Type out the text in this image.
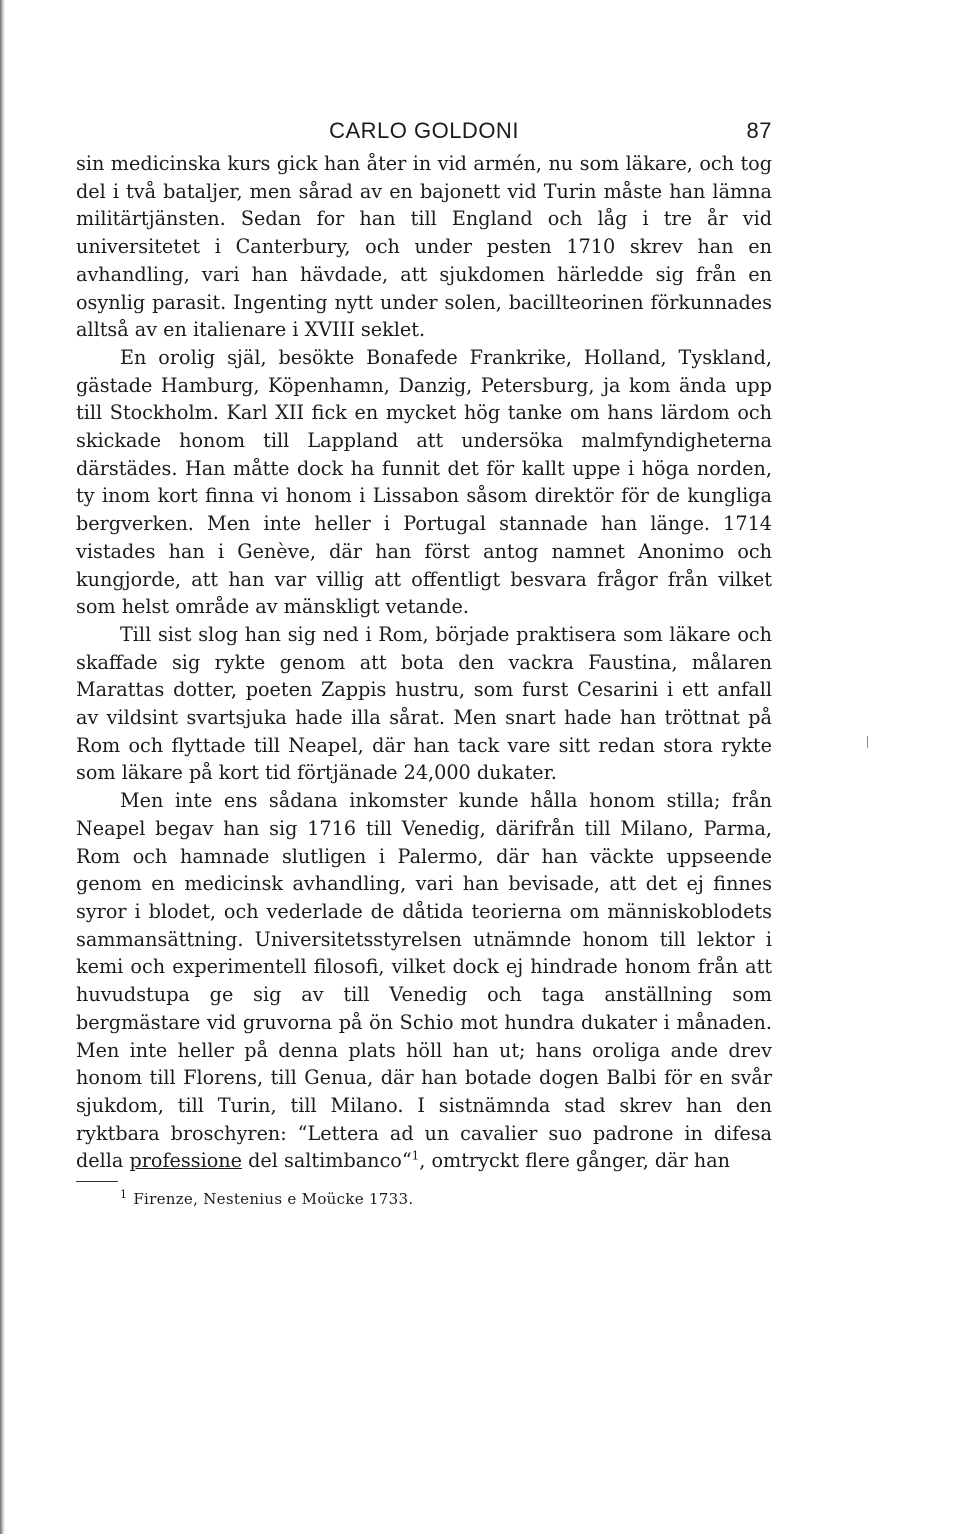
CARLO GOLDONI	87

sin medicinska kurs gick han åter in vid armén, nu som läkare, och tog del i två bataljer, men sårad av en bajonett vid Turin måste han lämna militärtjänsten. Sedan for han till England och låg i tre år vid universitetet i Canterbury, och under pesten 1710 skrev han en avhandling, vari han hävdade, att sjukdomen härledde sig från en osynlig parasit. Ingenting nytt under solen, bacillteorinen förkunnades alltså av en italienare i XVIII seklet.

En orolig själ, besökte Bonafede Frankrike, Holland, Tyskland, gästade Hamburg, Köpenhamn, Danzig, Petersburg, ja kom ända upp till Stockholm. Karl XII fick en mycket hög tanke om hans lärdom och skickade honom till Lappland att undersöka malmfyndigheterna därstädes. Han måtte dock ha funnit det för kallt uppe i höga norden, ty inom kort finna vi honom i Lissabon såsom direktör för de kungliga bergverken. Men inte heller i Portugal stannade han länge. 1714 vistades han i Genève, där han först antog namnet Anonimo och kungjorde, att han var villig att offentligt besvara frågor från vilket som helst område av mänskligt vetande.

Till sist slog han sig ned i Rom, började praktisera som läkare och skaffade sig rykte genom att bota den vackra Faustina, målaren Marattas dotter, poeten Zappis hustru, som furst Cesarini i ett anfall av vildsint svartsjuka hade illa sårat. Men snart hade han tröttnat på Rom och flyttade till Neapel, där han tack vare sitt redan stora rykte som läkare på kort tid förtjänade 24,000 dukater.

Men inte ens sådana inkomster kunde hålla honom stilla; från Neapel begav han sig 1716 till Venedig, därifrån till Milano, Parma, Rom och hamnade slutligen i Palermo, där han väckte uppseende genom en medicinsk avhandling, vari han bevisade, att det ej finnes syror i blodet, och vederlade de dåtida teorierna om människoblodets sammansättning. Universitetsstyrelsen utnämnde honom till lektor i kemi och experimentell filosofi, vilket dock ej hindrade honom från att huvudstupa ge sig av till Venedig och taga anställning som bergmästare vid gruvorna på ön Schio mot hundra dukater i månaden. Men inte heller på denna plats höll han ut; hans oroliga ande drev honom till Florens, till Genua, där han botade dogen Balbi för en svår sjukdom, till Turin, till Milano. I sistnämnda stad skrev han den ryktbara broschyren: “Lettera ad un cavalier suo padrone in difesa della professione del saltimbanco“$^1$, omtryckt flere gånger, där han

$^1$ Firenze, Nestenius e Moücke 1733.
